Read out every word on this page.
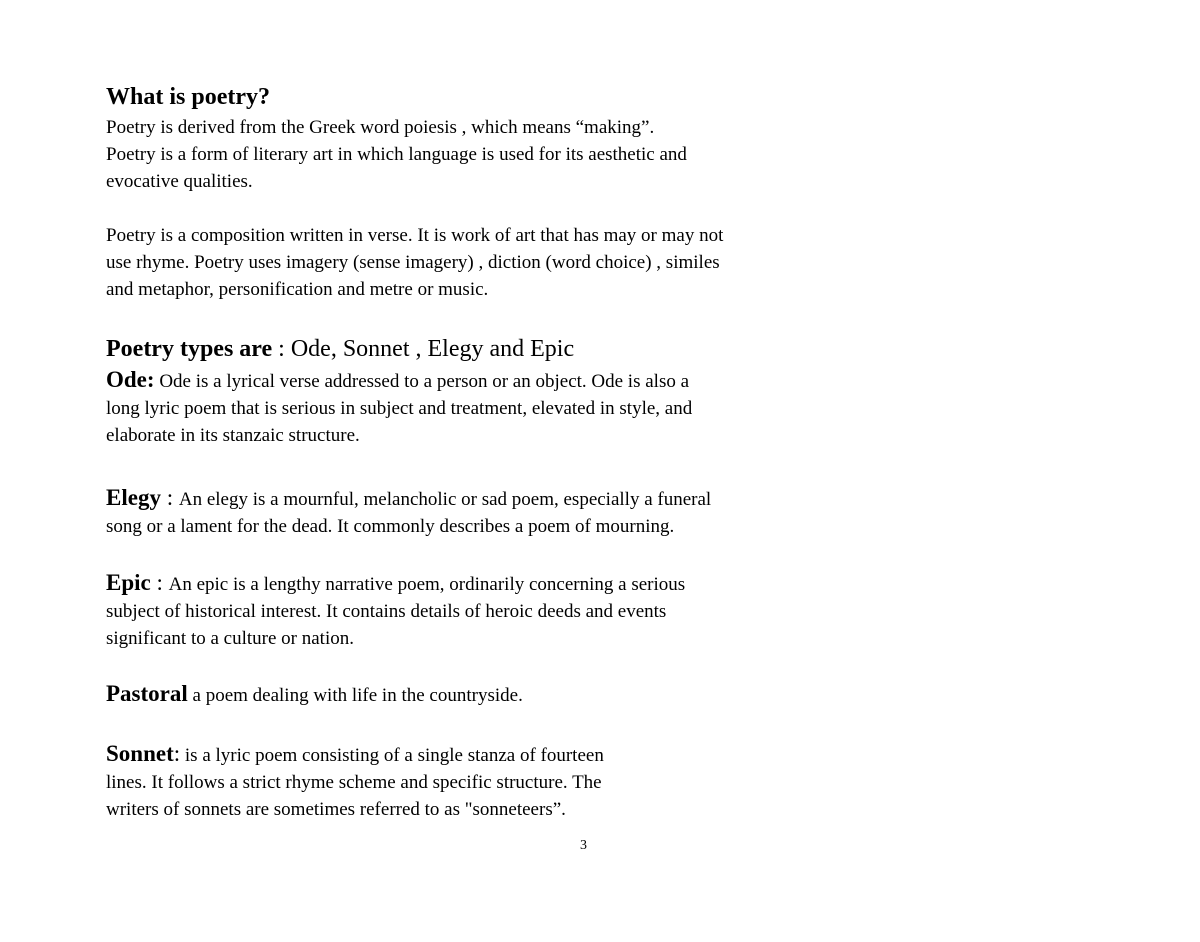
What is poetry?
Poetry is derived from the Greek word poiesis , which means “making”.
Poetry is a form of literary art in which language is used for its aesthetic and
evocative qualities.
Poetry is a composition written in verse. It is work of art that has may or may not
use rhyme. Poetry uses imagery (sense imagery) , diction (word choice) , similes
and metaphor, personification and metre or music.
Poetry types are : Ode, Sonnet , Elegy and Epic
Ode: Ode is a lyrical verse addressed to a person or an object. Ode is also a
long lyric poem that is serious in subject and treatment, elevated in style, and
elaborate in its stanzaic structure.
Elegy : An elegy is a mournful, melancholic or sad poem, especially a funeral
song or a lament for the dead. It commonly describes a poem of mourning.
Epic : An epic is a lengthy narrative poem, ordinarily concerning a serious
subject of historical interest. It contains details of heroic deeds and events
significant to a culture or nation.
Pastoral a poem dealing with life in the countryside.
Sonnet: is a lyric poem consisting of a single stanza of fourteen
lines. It follows a strict rhyme scheme and specific structure. The
writers of sonnets are sometimes referred to as "sonneteers”.
3
